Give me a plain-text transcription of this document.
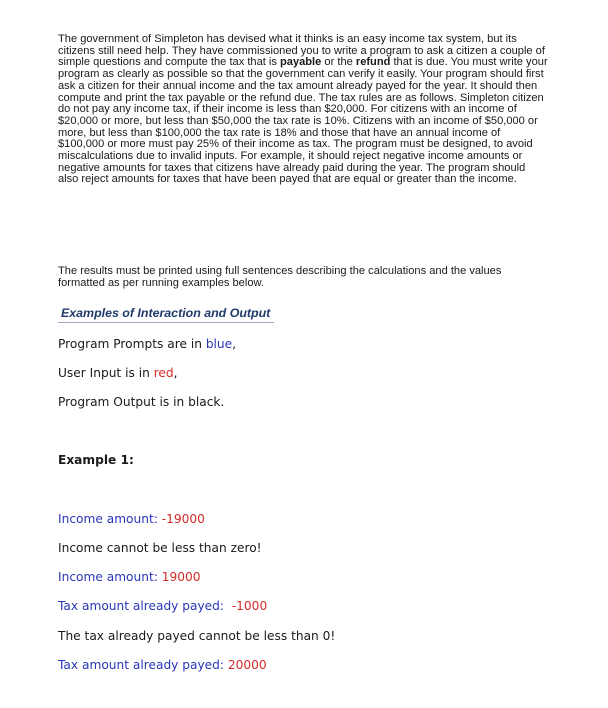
The government of Simpleton has devised what it thinks is an easy income tax system, but its citizens still need help. They have commissioned you to write a program to ask a citizen a couple of simple questions and compute the tax that is payable or the refund that is due. You must write your program as clearly as possible so that the government can verify it easily. Your program should first ask a citizen for their annual income and the tax amount already payed for the year. It should then compute and print the tax payable or the refund due. The tax rules are as follows. Simpleton citizen do not pay any income tax, if their income is less than $20,000. For citizens with an income of $20,000 or more, but less than $50,000 the tax rate is 10%. Citizens with an income of $50,000 or more, but less than $100,000 the tax rate is 18% and those that have an annual income of $100,000 or more must pay 25% of their income as tax. The program must be designed, to avoid miscalculations due to invalid inputs. For example, it should reject negative income amounts or negative amounts for taxes that citizens have already paid during the year. The program should also reject amounts for taxes that have been payed that are equal or greater than the income.

The results must be printed using full sentences describing the calculations and the values formatted as per running examples below.

Examples of Interaction and Output
Program Prompts are in blue,
User Input is in red,
Program Output is in black.
Example 1:
Income amount: -19000
Income cannot be less than zero!
Income amount: 19000
Tax amount already payed:  -1000
The tax already payed cannot be less than 0!
Tax amount already payed: 20000
